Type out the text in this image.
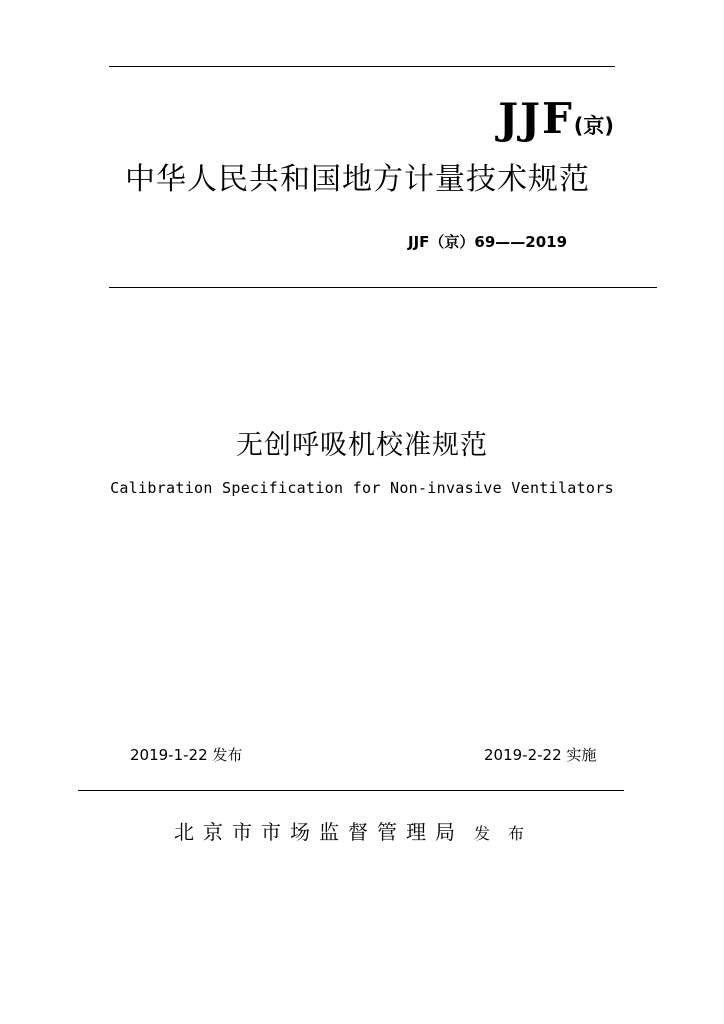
JJF(京)
中华人民共和国地方计量技术规范
JJF（京）69——2019
无创呼吸机校准规范
Calibration Specification for Non-invasive Ventilators
2019-1-22 发布	2019-2-22 实施
北京市市场监督管理局 发布
